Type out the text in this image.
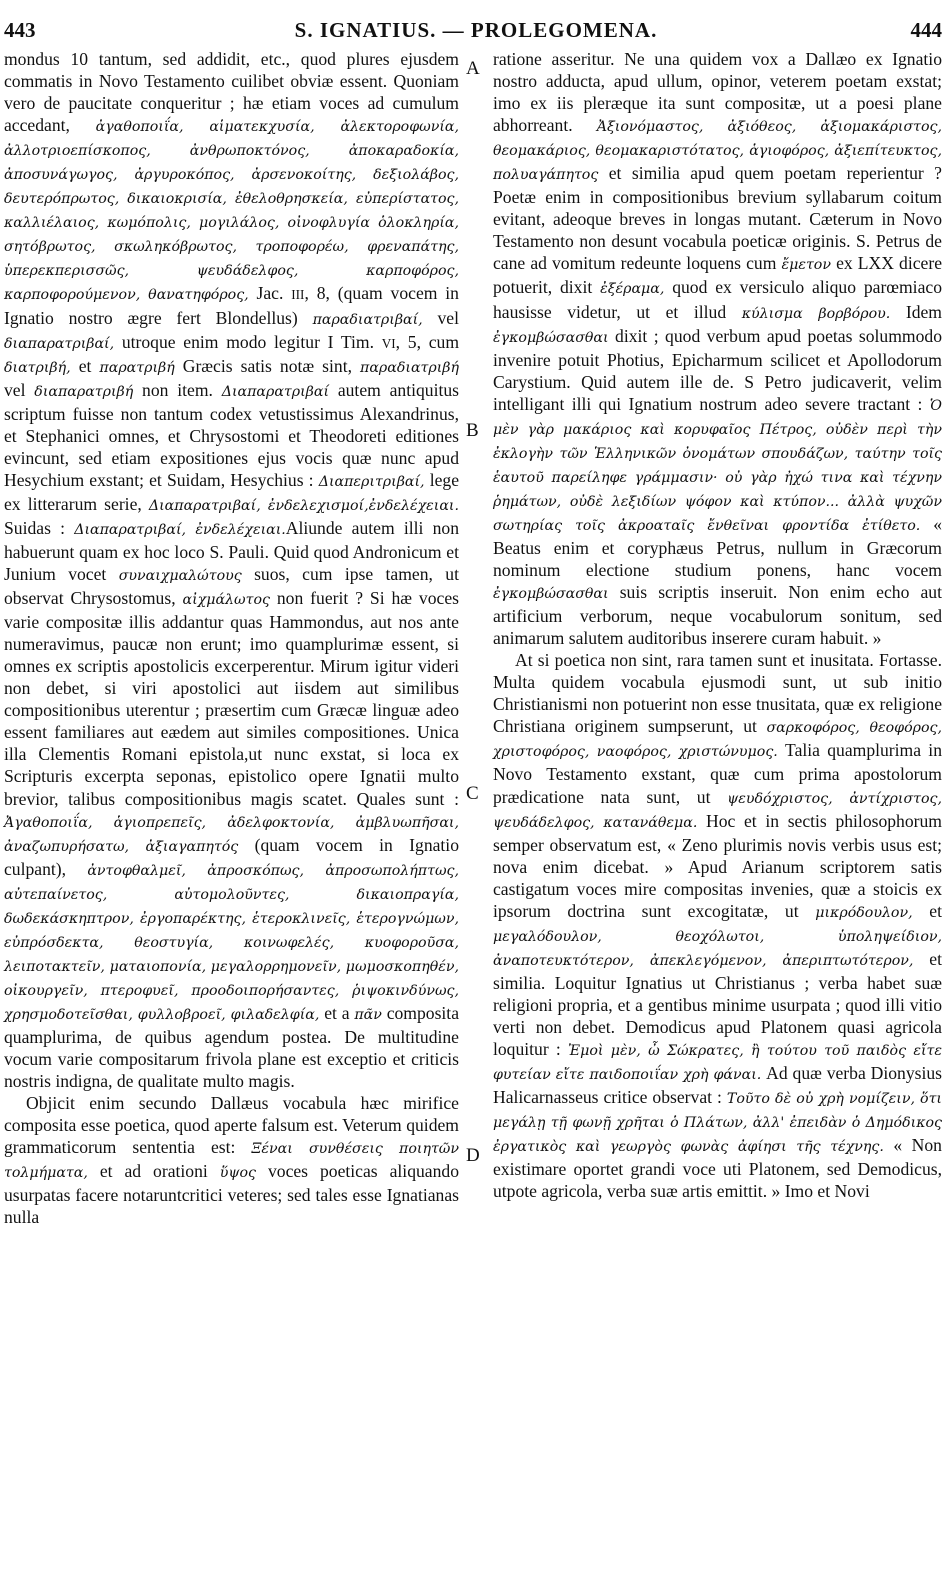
443	S. IGNATIUS. — PROLEGOMENA.	444
A
B
C
D

mondus 10 tantum, sed addidit, etc., quod plures ejusdem commatis in Novo Testamento cuilibet obviæ essent. Quoniam vero de paucitate conqueritur ; hæ etiam voces ad cumulum accedant, ἀγαθοποιΐα, αἱματεκχυσία, ἀλεκτοροφωνία, ἀλλοτριοεπίσκοπος, ἀνθρωποκτόνος, ἀποκαραδοκία, ἀποσυνάγωγος, ἀργυροκόπος, ἀρσενοκοίτης, δεξιολάβος, δευτερόπρωτος, δικαιοκρισία, ἐθελοθρησκεία, εὐπερίστατος, καλλιέλαιος, κωμόπολις, μογιλάλος, οἰνοφλυγία ὁλοκληρία, σητόβρωτος, σκωληκόβρωτος, τροποφορέω, φρεναπάτης, ὑπερεκπερισσῶς, ψευδάδελφος, καρποφόρος, καρποφορούμενον, θανατηφόρος, Jac. III, 8, (quam vocem in Ignatio nostro ægre fert Blondellus) παραδιατριβαί, vel διαπαρατριβαί, utroque enim modo legitur I Tim. VI, 5, cum διατριβή, et παρατριβή Græcis satis notæ sint, παραδιατριβή vel διαπαρατριβή non item. Διαπαρατριβαί autem antiquitus scriptum fuisse non tantum codex vetustissimus Alexandrinus, et Stephanici omnes, et Chrysostomi et Theodoreti editiones evincunt, sed etiam expositiones ejus vocis quæ nunc apud Hesychium exstant; et Suidam, Hesychius : Διαπεριτριβαί, lege ex litterarum serie, Διαπαρατριβαί, ἐνδελεχισμοί,ἐνδελέχειαι. Suidas : Διαπαρατριβαί, ἐνδελέχειαι.Aliunde autem illi non habuerunt quam ex hoc loco S. Pauli. Quid quod Andronicum et Junium vocet συναιχμαλώτους suos, cum ipse tamen, ut observat Chrysostomus, αἰχμάλωτος non fuerit ? Si hæ voces varie compositæ illis addantur quas Hammondus, aut nos ante numeravimus, paucæ non erunt; imo quamplurimæ essent, si omnes ex scriptis apostolicis excerperentur. Mirum igitur videri non debet, si viri apostolici aut iisdem aut similibus compositionibus uterentur ; præsertim cum Græcæ linguæ adeo essent familiares aut eædem aut similes compositiones. Unica illa Clementis Romani epistola,ut nunc exstat, si loca ex Scripturis excerpta seponas, epistolico opere Ignatii multo brevior, talibus compositionibus magis scatet. Quales sunt : Ἀγαθοποιΐα, ἁγιοπρεπεῖς, ἀδελφοκτονία, ἀμβλυωπῆσαι, ἀναζωπυρήσατω, ἀξιαγαπητός (quam vocem in Ignatio culpant), ἀντοφθαλμεῖ, ἀπροσκόπως, ἀπροσωπολήπτως, αὐτεπαίνετος, αὐτομολοῦντες, δικαιοπραγία, δωδεκάσκηπτρον, ἐργοπαρέκτης, ἑτεροκλινεῖς, ἑτερογνώμων, εὐπρόσδεκτα, θεοστυγία, κοινωφελές, κυοφοροῦσα, λειποτακτεῖν, ματαιοπονία, μεγαλορρημονεῖν, μωμοσκοπηθέν, οἰκουργεῖν, πτεροφυεῖ, προοδοιπορήσαντες, ῥιψοκινδύνως, χρησμοδοτεῖσθαι, φυλλοβροεῖ, φιλαδελφία, et a πᾶν composita quamplurima, de quibus agendum postea. De multitudine vocum varie compositarum frivola plane est exceptio et criticis nostris indigna, de qualitate multo magis.

Objicit enim secundo Dallæus vocabula hæc mirifice composita esse poetica, quod aperte falsum est. Veterum quidem grammaticorum sententia est: Ξέναι συνθέσεις ποιητῶν τολμήματα, et ad orationi ὕψος voces poeticas aliquando usurpatas facere notaruntcritici veteres; sed tales esse Ignatianas nulla

ratione asseritur. Ne una quidem vox a Dallæo ex Ignatio nostro adducta, apud ullum, opinor, veterem poetam exstat; imo ex iis pleræque ita sunt compositæ, ut a poesi plane abhorreant. Ἀξιονόμαστος, ἀξιόθεος, ἀξιομακάριστος, θεομακάριος, θεομακαριστότατος, ἁγιοφόρος, ἀξιεπίτευκτος, πολυαγάπητος et similia apud quem poetam reperientur ? Poetæ enim in compositionibus brevium syllabarum coitum evitant, adeoque breves in longas mutant. Cæterum in Novo Testamento non desunt vocabula poeticæ originis. S. Petrus de cane ad vomitum redeunte loquens cum ἔμετον ex LXX dicere potuerit, dixit ἐξέραμα, quod ex versiculo aliquo parœmiaco hausisse videtur, ut et illud κύλισμα βορβόρου. Idem ἐγκομβώσασθαι dixit ; quod verbum apud poetas solummodo invenire potuit Photius, Epicharmum scilicet et Apollodorum Carystium. Quid autem ille de. S Petro judicaverit, velim intelligant illi qui Ignatium nostrum adeo severe tractant : Ὁ μὲν γὰρ μακάριος καὶ κορυφαῖος Πέτρος, οὐδὲν περὶ τὴν ἐκλογὴν τῶν Ἑλληνικῶν ὀνομάτων σπουδάζων, ταύτην τοῖς ἑαυτοῦ παρείληφε γράμμασιν· οὐ γὰρ ἠχώ τινα καὶ τέχνην ῥημάτων, οὐδὲ λεξιδίων ψόφον καὶ κτύπον... ἀλλὰ ψυχῶν σωτηρίας τοῖς ἀκροαταῖς ἔνθεῖναι φροντίδα ἐτίθετο. « Beatus enim et coryphæus Petrus, nullum in Græcorum nominum electione studium ponens, hanc vocem ἐγκομβώσασθαι suis scriptis inseruit. Non enim echo aut artificium verborum, neque vocabulorum sonitum, sed animarum salutem auditoribus inserere curam habuit. »

At si poetica non sint, rara tamen sunt et inusitata. Fortasse. Multa quidem vocabula ejusmodi sunt, ut sub initio Christianismi non potuerint non esse tnusitata, quæ ex religione Christiana originem sumpserunt, ut σαρκοφόρος, θεοφόρος, χριστοφόρος, ναοφόρος, χριστώνυμος. Talia quamplurima in Novo Testamento exstant, quæ cum prima apostolorum prædicatione nata sunt, ut ψευδόχριστος, ἀντίχριστος, ψευδάδελφος, κατανάθεμα. Hoc et in sectis philosophorum semper observatum est, « Zeno plurimis novis verbis usus est; nova enim dicebat. » Apud Arianum scriptorem satis castigatum voces mire compositas invenies, quæ a stoicis ex ipsorum doctrina sunt excogitatæ, ut μικρόδουλον, et μεγαλόδουλον, θεοχόλωτοι, ὑποληψείδιον, ἀναποτευκτότερον, ἀπεκλεγόμενον, ἀπεριπτωτότερον, et similia. Loquitur Ignatius ut Christianus ; verba habet suæ religioni propria, et a gentibus minime usurpata ; quod illi vitio verti non debet. Demodicus apud Platonem quasi agricola loquitur : Ἐμοὶ μὲν, ὦ Σώκρατες, ἢ τούτου τοῦ παιδὸς εἴτε φυτείαν εἴτε παιδοποιΐαν χρὴ φάναι. Ad quæ verba Dionysius Halicarnasseus critice observat : Τοῦτο δὲ οὐ χρὴ νομίζειν, ὅτι μεγάλῃ τῇ φωνῇ χρῆται ὁ Πλάτων, ἀλλ' ἐπειδὰν ὁ Δημόδικος ἐργατικὸς καὶ γεωργὸς φωνὰς ἀφίησι τῆς τέχνης. « Non existimare oportet grandi voce uti Platonem, sed Demodicus, utpote agricola, verba suæ artis emittit. » Imo et Novi
